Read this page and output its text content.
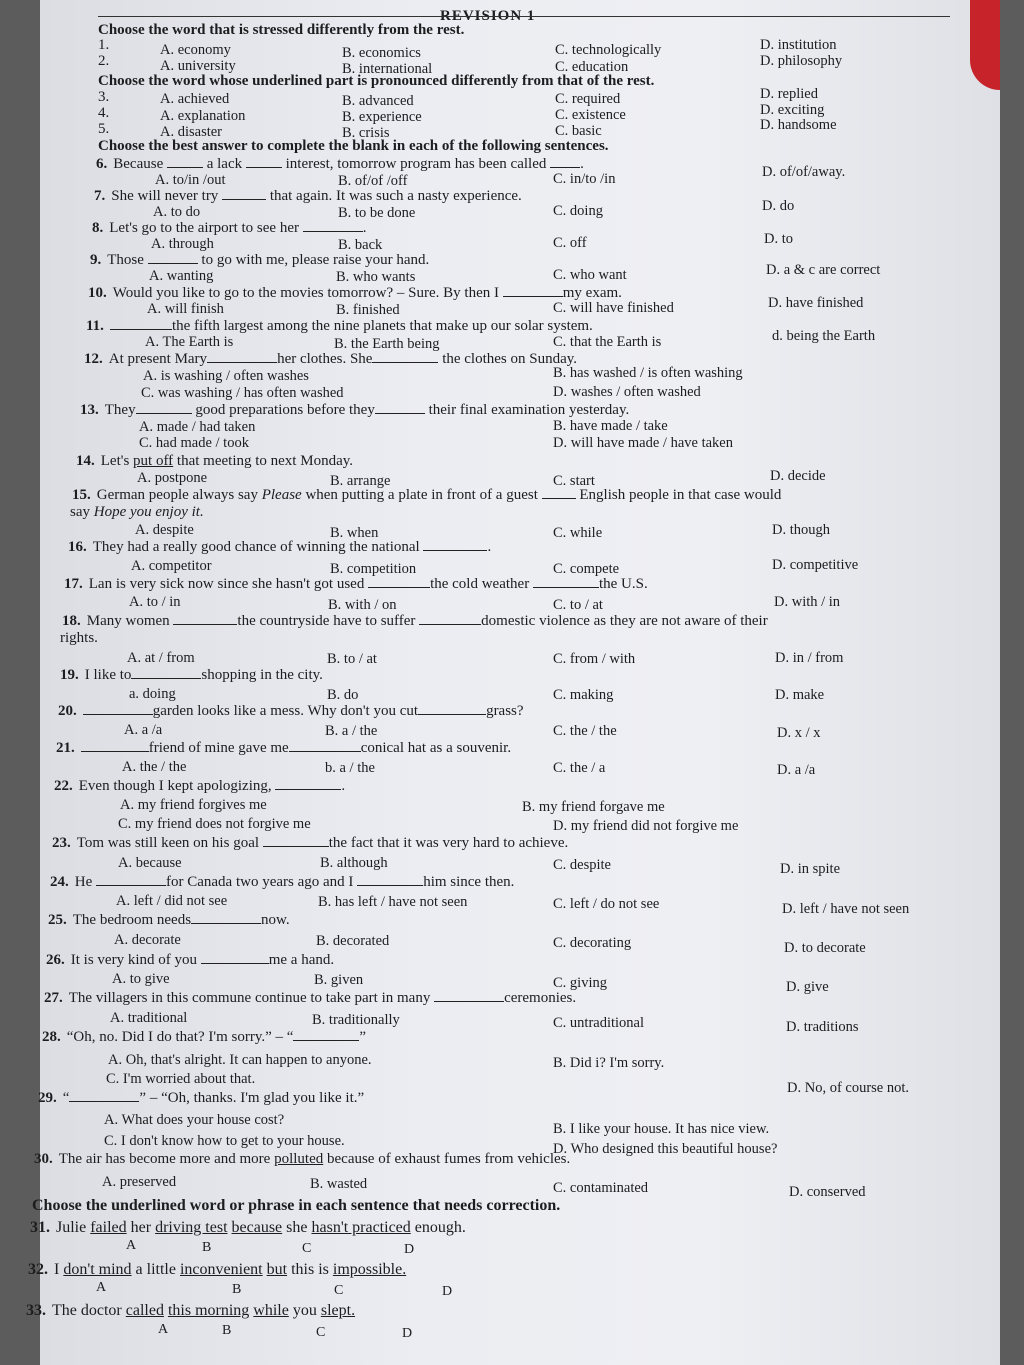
REVISION 1
Choose the word that is stressed differently from the rest.
1.	A. economy	B. economics	C. technologically	D. institution
2.	A. university	B. international	C. education	D. philosophy
Choose the word whose underlined part is pronounced differently from that of the rest.
3.	A. achieved	B. advanced	C. required	D. replied
4.	A. explanation	B. experience	C. existence	D. exciting
5.	A. disaster	B. crisis	C. basic	D. handsome
Choose the best answer to complete the blank in each of the following sentences.
6. Because	a lack	interest, tomorrow program has been called .
A. to/in /out	B. of/of /off	C. in/to /in	D. of/of/away.
7. She will never try	that again. It was such a nasty experience.
A. to do	B. to be done	C. doing	D. do
8. Let's go to the airport to see her	.
A. through	B. back	C. off	D. to
9. Those	to go with me, please raise your hand.
A. wanting	B. who wants	C. who want	D. a & c are correct
10. Would you like to go to the movies tomorrow? – Sure. By then I	my exam.
A. will finish	B. finished	C. will have finished	D. have finished
11.	the fifth largest among the nine planets that make up our solar system.
A. The Earth is	B. the Earth being	C. that the Earth is	d. being the Earth
12. At present Mary	her clothes. She	the clothes on Sunday.
A. is washing / often washes	B. has washed / is often washing
C. was washing / has often washed	D. washes / often washed
13. They	good preparations before they	their final examination yesterday.
A. made / had taken	B. have made / take
C. had made / took	D. will have made / have taken
14. Let's put off that meeting to next Monday.
A. postpone	B. arrange	C. start	D. decide
15. German people always say Please when putting a plate in front of a guest	English people in that case would
say Hope you enjoy it.
A. despite	B. when	C. while	D. though
16. They had a really good chance of winning the national	.
A. competitor	B. competition	C. compete	D. competitive
17. Lan is very sick now since she hasn't got used	the cold weather	the U.S.
A. to / in	B. with / on	C. to / at	D. with / in
18. Many women	the countryside have to suffer	domestic violence as they are not aware of their
rights.
A. at / from	B. to / at	C. from / with	D. in / from
19. I like to	shopping in the city.
a. doing	B. do	C. making	D. make
20.	garden looks like a mess. Why don't you cut	grass?
A. a /a	B. a / the	C. the / the	D. x / x
21.	friend of mine gave me	conical hat as a souvenir.
A. the / the	b. a / the	C. the / a	D. a /a
22. Even though I kept apologizing,	.
A. my friend forgives me	B. my friend forgave me
C. my friend does not forgive me	D. my friend did not forgive me
23. Tom was still keen on his goal	the fact that it was very hard to achieve.
A. because	B. although	C. despite	D. in spite
24. He	for Canada two years ago and I	him since then.
A. left / did not see	B. has left / have not seen	C. left / do not see	D. left / have not seen
25. The bedroom needs	now.
A. decorate	B. decorated	C. decorating	D. to decorate
26. It is very kind of you	me a hand.
A. to give	B. given	C. giving	D. give
27. The villagers in this commune continue to take part in many	ceremonies.
A. traditional	B. traditionally	C. untraditional	D. traditions
28. “Oh, no. Did I do that? I'm sorry.” – “	”
A. Oh, that's alright. It can happen to anyone.	B. Did i? I'm sorry.
C. I'm worried about that.
D. No, of course not.
29. “	” – “Oh, thanks. I'm glad you like it.”
A. What does your house cost?
B. I like your house. It has nice view.
C. I don't know how to get to your house.	D. Who designed this beautiful house?
30. The air has become more and more polluted because of exhaust fumes from vehicles.
A. preserved	B. wasted	C. contaminated	D. conserved
Choose the underlined word or phrase in each sentence that needs correction.
31. Julie failed her driving test because she hasn't practiced enough.
A	B	C	D
32. I don't mind a little inconvenient but this is impossible.
A	B	C	D
33. The doctor called this morning while you slept.
A	B	C	D
